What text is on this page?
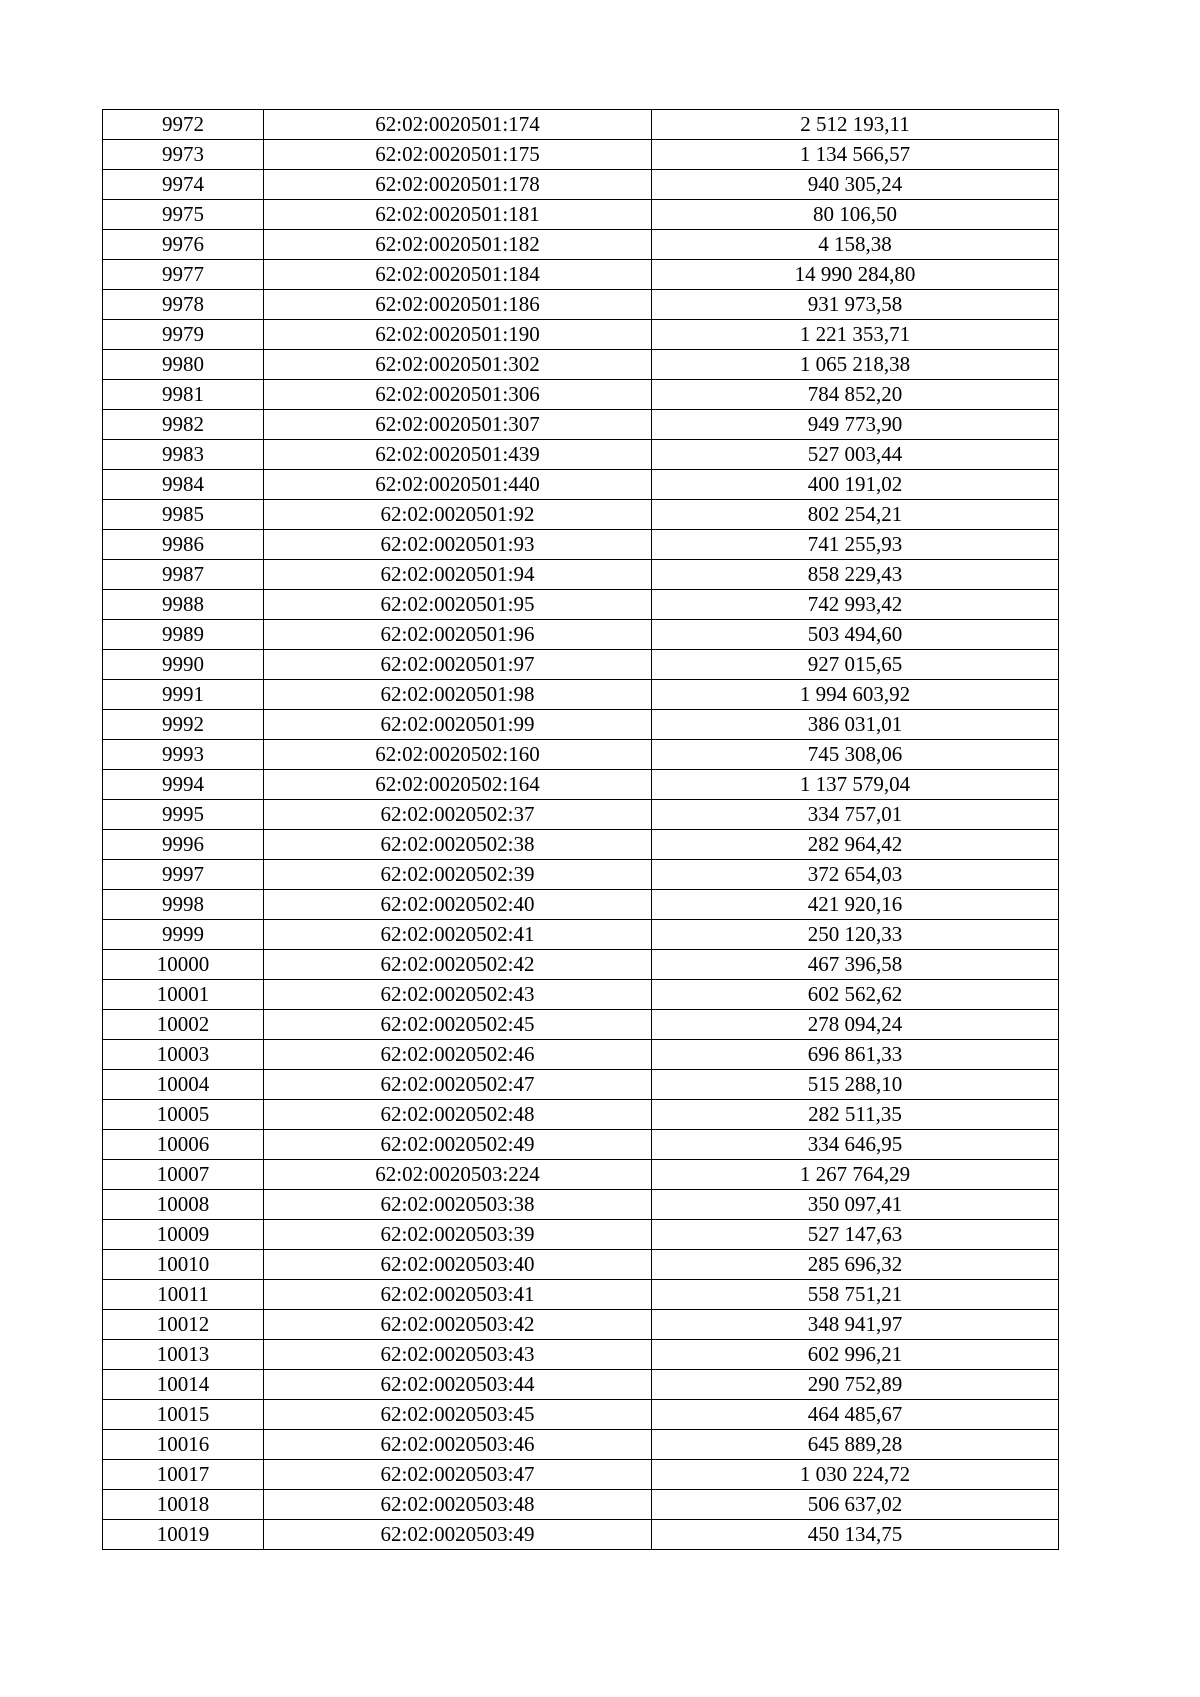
9972	62:02:0020501:174	2 512 193,11
9973	62:02:0020501:175	1 134 566,57
9974	62:02:0020501:178	940 305,24
9975	62:02:0020501:181	80 106,50
9976	62:02:0020501:182	4 158,38
9977	62:02:0020501:184	14 990 284,80
9978	62:02:0020501:186	931 973,58
9979	62:02:0020501:190	1 221 353,71
9980	62:02:0020501:302	1 065 218,38
9981	62:02:0020501:306	784 852,20
9982	62:02:0020501:307	949 773,90
9983	62:02:0020501:439	527 003,44
9984	62:02:0020501:440	400 191,02
9985	62:02:0020501:92	802 254,21
9986	62:02:0020501:93	741 255,93
9987	62:02:0020501:94	858 229,43
9988	62:02:0020501:95	742 993,42
9989	62:02:0020501:96	503 494,60
9990	62:02:0020501:97	927 015,65
9991	62:02:0020501:98	1 994 603,92
9992	62:02:0020501:99	386 031,01
9993	62:02:0020502:160	745 308,06
9994	62:02:0020502:164	1 137 579,04
9995	62:02:0020502:37	334 757,01
9996	62:02:0020502:38	282 964,42
9997	62:02:0020502:39	372 654,03
9998	62:02:0020502:40	421 920,16
9999	62:02:0020502:41	250 120,33
10000	62:02:0020502:42	467 396,58
10001	62:02:0020502:43	602 562,62
10002	62:02:0020502:45	278 094,24
10003	62:02:0020502:46	696 861,33
10004	62:02:0020502:47	515 288,10
10005	62:02:0020502:48	282 511,35
10006	62:02:0020502:49	334 646,95
10007	62:02:0020503:224	1 267 764,29
10008	62:02:0020503:38	350 097,41
10009	62:02:0020503:39	527 147,63
10010	62:02:0020503:40	285 696,32
10011	62:02:0020503:41	558 751,21
10012	62:02:0020503:42	348 941,97
10013	62:02:0020503:43	602 996,21
10014	62:02:0020503:44	290 752,89
10015	62:02:0020503:45	464 485,67
10016	62:02:0020503:46	645 889,28
10017	62:02:0020503:47	1 030 224,72
10018	62:02:0020503:48	506 637,02
10019	62:02:0020503:49	450 134,75
